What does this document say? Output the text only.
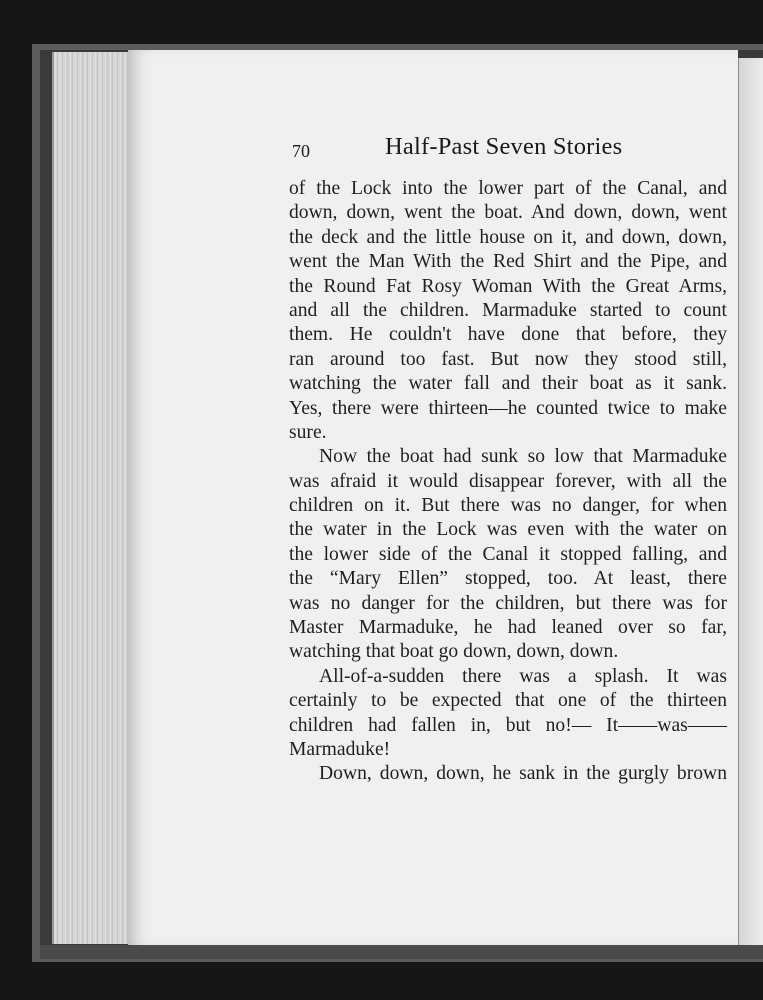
70	Half-Past Seven Stories
of the Lock into the lower part of the Canal, and
down, down, went the boat. And down, down, went
the deck and the little house on it, and down, down,
went the Man With the Red Shirt and the Pipe, and
the Round Fat Rosy Woman With the Great Arms,
and all the children. Marmaduke started to count
them. He couldn't have done that before, they
ran around too fast. But now they stood still,
watching the water fall and their boat as it sank.
Yes, there were thirteen—he counted twice to make
sure.
Now the boat had sunk so low that Marmaduke
was afraid it would disappear forever, with all the
children on it. But there was no danger, for when
the water in the Lock was even with the water on
the lower side of the Canal it stopped falling, and
the “Mary Ellen” stopped, too. At least, there
was no danger for the children, but there was for
Master Marmaduke, he had leaned over so far,
watching that boat go down, down, down.
All-of-a-sudden there was a splash. It was
certainly to be expected that one of the thirteen
children had fallen in, but no!— It——was——
Marmaduke!
Down, down, down, he sank in the gurgly brown
